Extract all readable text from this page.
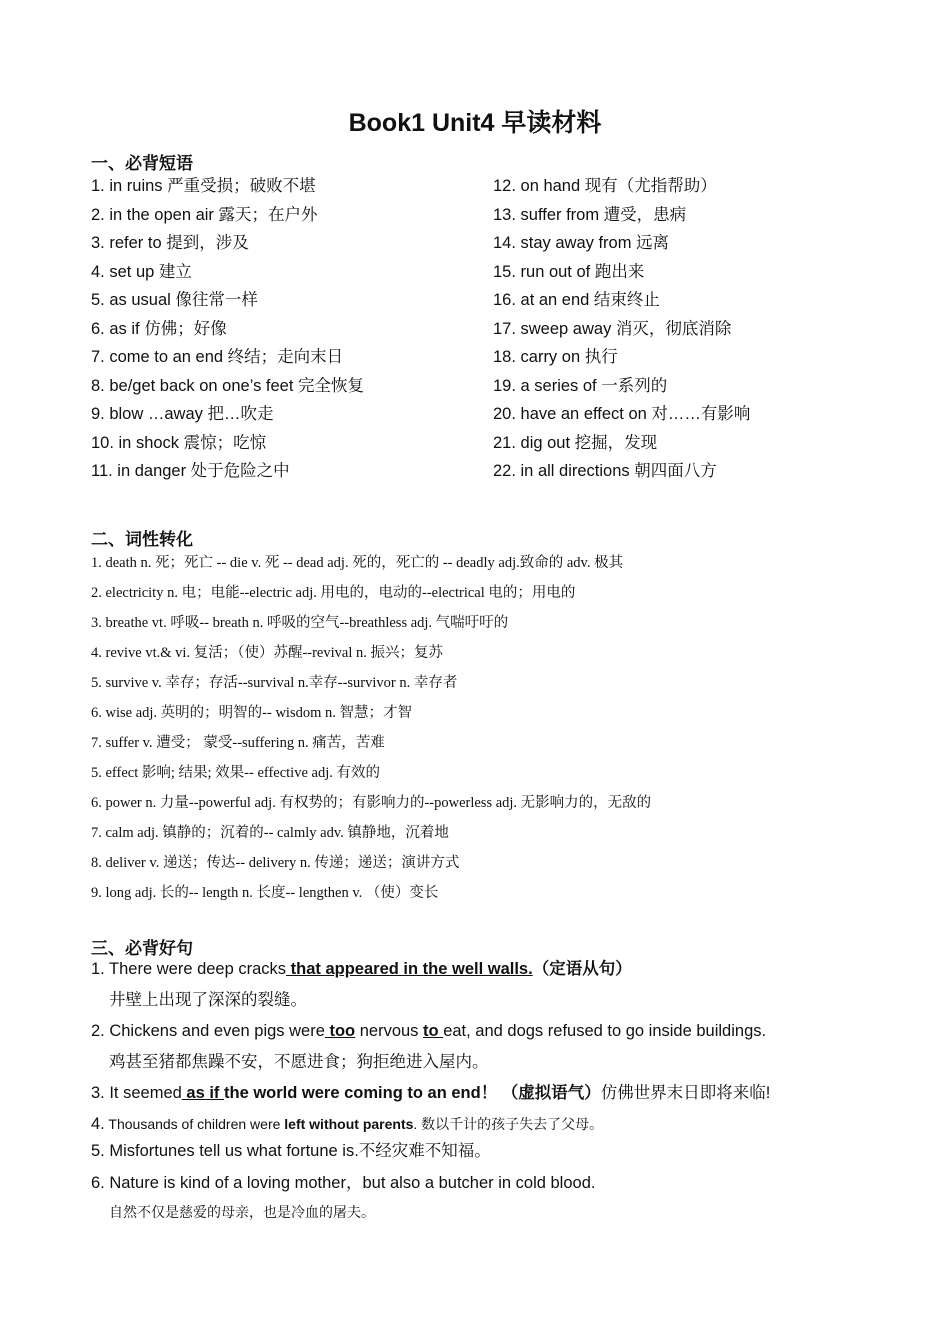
Book1 Unit4 早读材料
一、必背短语
1. in ruins 严重受损；破败不堪
2. in the open air 露天；在户外
3. refer to 提到，涉及
4. set up 建立
5. as usual 像往常一样
6. as if 仿佛；好像
7. come to an end 终结；走向末日
8. be/get back on one’s feet 完全恢复
9. blow …away 把…吹走
10. in shock 震惊；吃惊
11. in danger 处于危险之中
12. on hand 现有（尤指帮助）
13. suffer from 遭受，患病
14. stay away from 远离
15. run out of 跑出来
16. at an end 结束终止
17. sweep away 消灭，彻底消除
18. carry on 执行
19. a series of 一系列的
20. have an effect on 对……有影响
21. dig out 挖掘，发现
22. in all directions 朝四面八方
二、词性转化
1. death n. 死；死亡 -- die v. 死 -- dead adj. 死的，死亡的 -- deadly adj.致命的 adv. 极其
2. electricity n. 电；电能--electric adj. 用电的，电动的--electrical 电的；用电的
3. breathe vt. 呼吸-- breath n. 呼吸的空气--breathless adj. 气喘吁吁的
4. revive vt.& vi. 复活；（使）苏醒--revival n. 振兴；复苏
5. survive v. 幸存；存活--survival n.幸存--survivor n. 幸存者
6. wise adj. 英明的；明智的-- wisdom n. 智慧；才智
7. suffer v. 遭受； 蒙受--suffering n. 痛苦，苦难
5. effect 影响; 结果; 效果-- effective adj. 有效的
6. power n. 力量--powerful adj. 有权势的；有影响力的--powerless adj. 无影响力的，无敌的
7. calm adj. 镇静的；沉着的-- calmly adv. 镇静地，沉着地
8. deliver v. 递送；传达-- delivery n. 传递；递送；演讲方式
9. long adj. 长的-- length n. 长度-- lengthen v. （使）变长
三、必背好句
1. There were deep cracks that appeared in the well walls.（定语从句）
井壁上出现了深深的裂缝。
2. Chickens and even pigs were too nervous to eat, and dogs refused to go inside buildings.
鸡甚至猪都焦躁不安，不愿进食；狗拒绝进入屋内。
3. It seemed as if the world were coming to an end！ （虚拟语气）仿佛世界末日即将来临!
4. Thousands of children were left without parents. 数以千计的孩子失去了父母。
5. Misfortunes tell us what fortune is.不经灾难不知福。
6. Nature is kind of a loving mother，but also a butcher in cold blood.
自然不仅是慈爱的母亲，也是冷血的屠夫。
